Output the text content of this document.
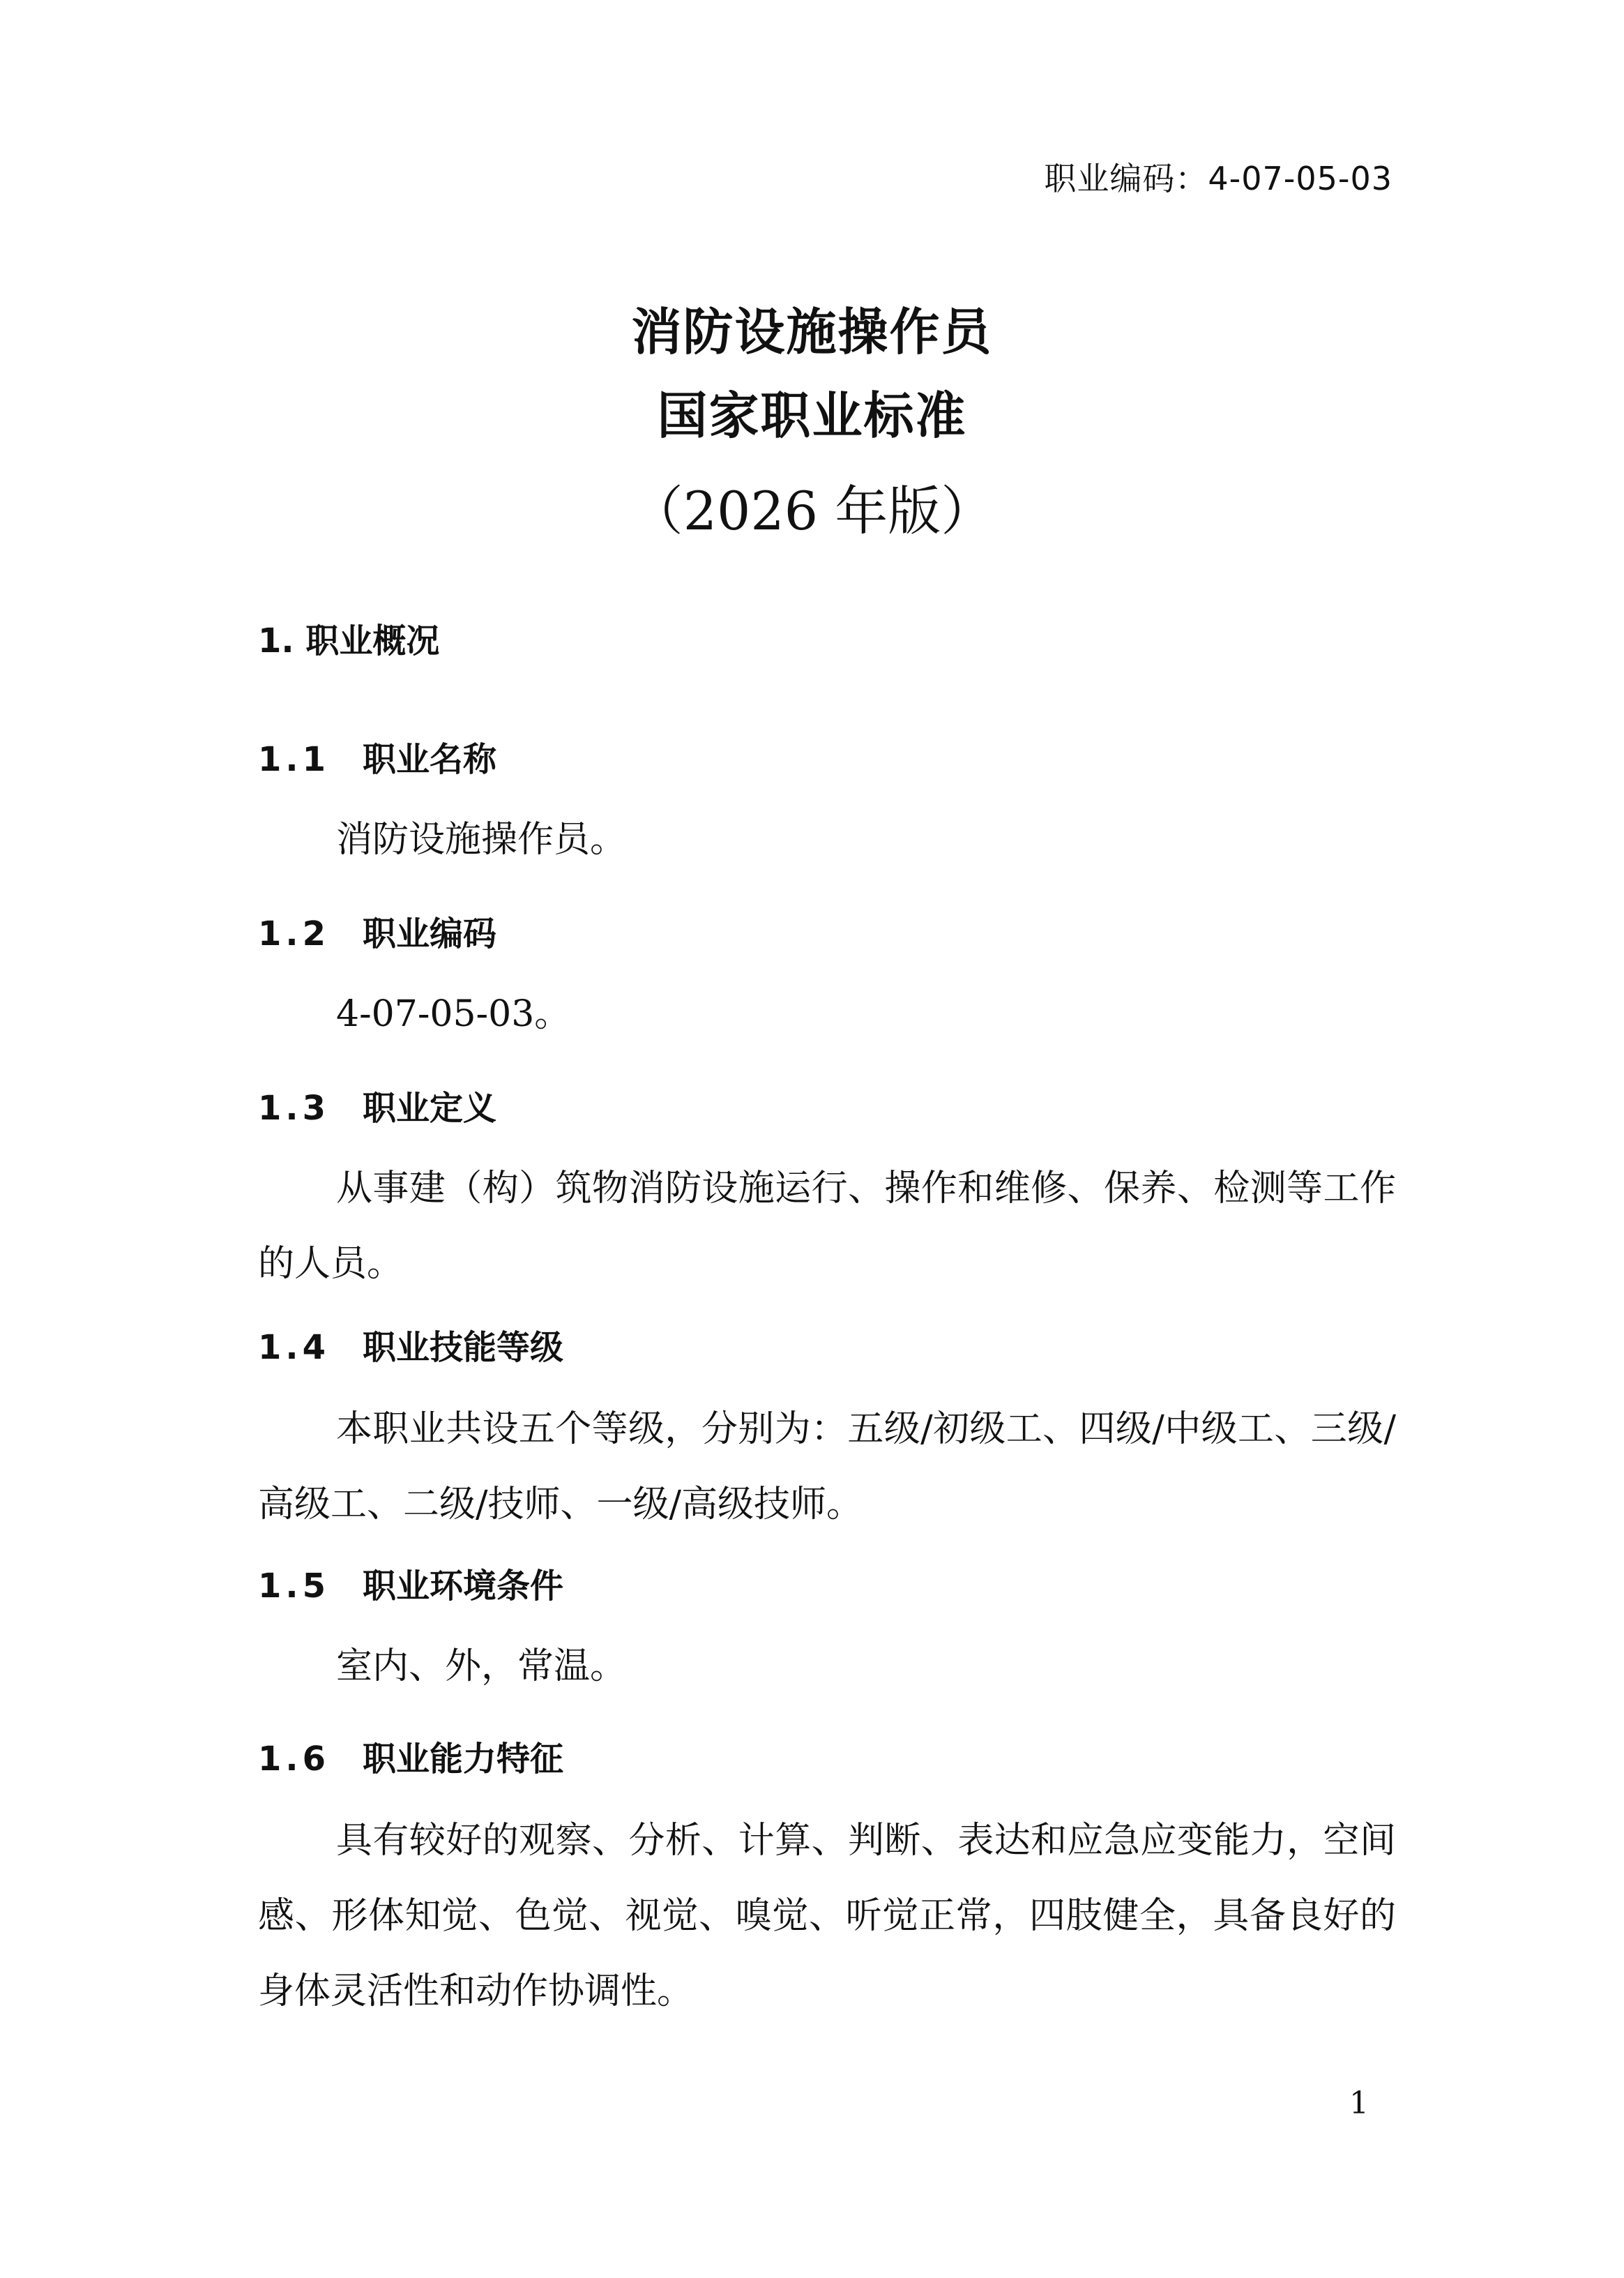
职业编码：4-07-05-03
消防设施操作员
国家职业标准
（2026 年版）
1. 职业概况
1.1 职业名称
消防设施操作员。
1.2 职业编码
4-07-05-03。
1.3 职业定义
从事建（构）筑物消防设施运行、操作和维修、保养、检测等工作的人员。
1.4 职业技能等级
本职业共设五个等级，分别为：五级/初级工、四级/中级工、三级/高级工、二级/技师、一级/高级技师。
1.5 职业环境条件
室内、外，常温。
1.6 职业能力特征
具有较好的观察、分析、计算、判断、表达和应急应变能力，空间感、形体知觉、色觉、视觉、嗅觉、听觉正常，四肢健全，具备良好的身体灵活性和动作协调性。
1
